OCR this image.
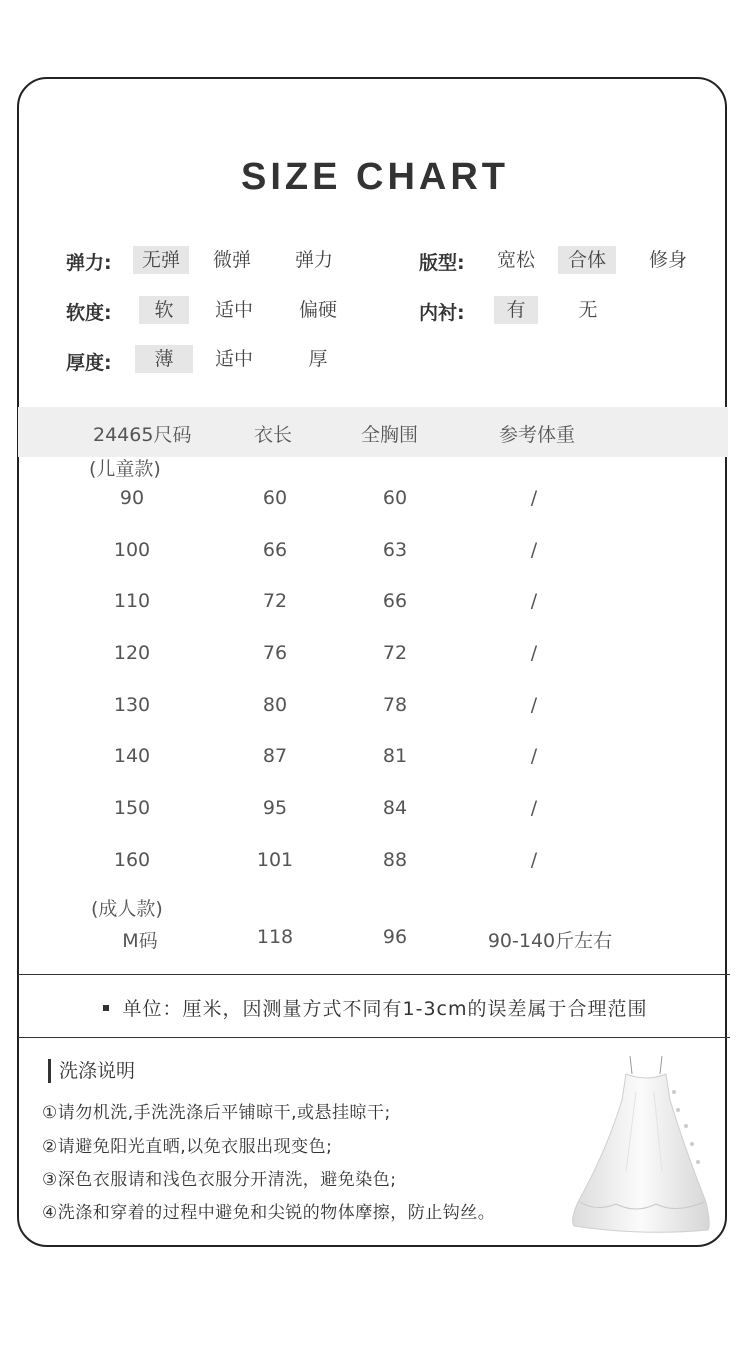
SIZE CHART
弹力:	无弹	微弹	弹力	版型:	宽松	合体	修身
软度:	软	适中	偏硬	内衬:	有	无
厚度:	薄	适中	厚
24465尺码	衣长	全胸围	参考体重
(儿童款)
90	60	60	/
100	66	63	/
110	72	66	/
120	76	72	/
130	80	78	/
140	87	81	/
150	95	84	/
160	101	88	/
(成人款)
M码	118	96	90-140斤左右
单位：厘米，因测量方式不同有1-3cm的误差属于合理范围
洗涤说明
①请勿机洗,手洗洗涤后平铺晾干,或悬挂晾干;
②请避免阳光直晒,以免衣服出现变色;
③深色衣服请和浅色衣服分开清洗，避免染色;
④洗涤和穿着的过程中避免和尖锐的物体摩擦，防止钩丝。
